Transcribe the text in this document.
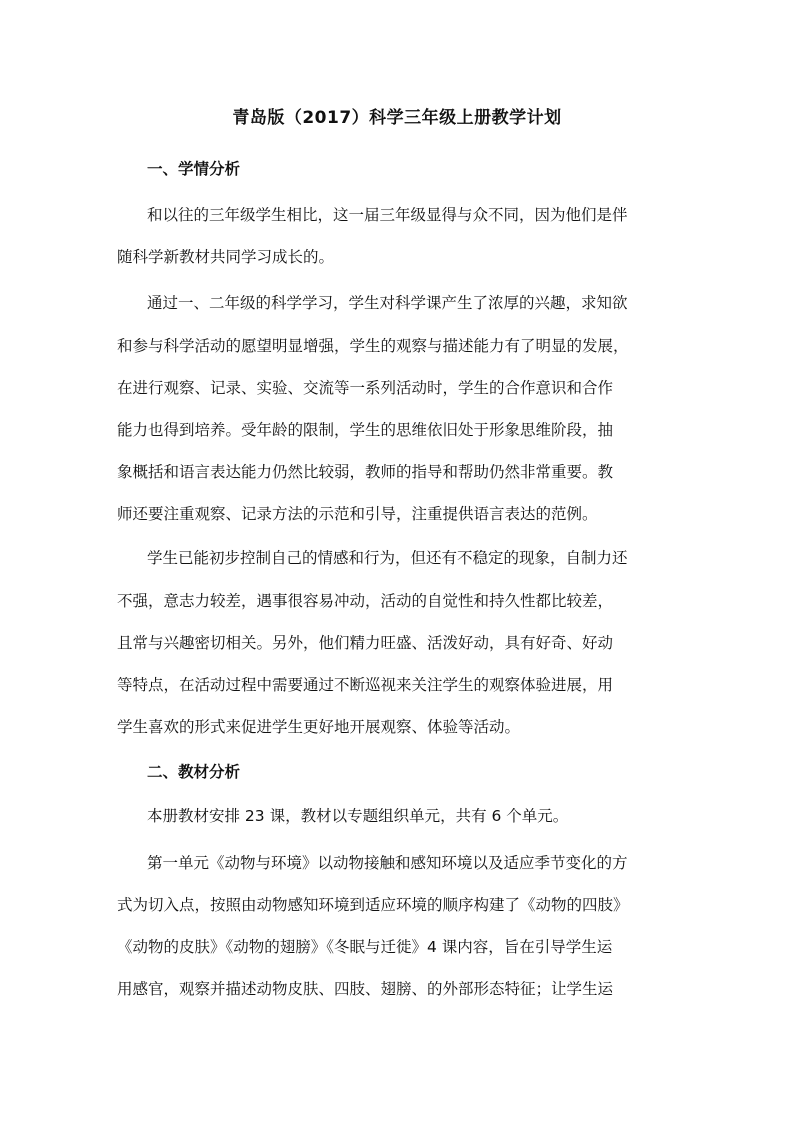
青岛版（2017）科学三年级上册教学计划
一、学情分析
和以往的三年级学生相比，这一届三年级显得与众不同，因为他们是伴
随科学新教材共同学习成长的。
通过一、二年级的科学学习，学生对科学课产生了浓厚的兴趣，求知欲
和参与科学活动的愿望明显增强，学生的观察与描述能力有了明显的发展，
在进行观察、记录、实验、交流等一系列活动时，学生的合作意识和合作
能力也得到培养。受年龄的限制，学生的思维依旧处于形象思维阶段，抽
象概括和语言表达能力仍然比较弱，教师的指导和帮助仍然非常重要。教
师还要注重观察、记录方法的示范和引导，注重提供语言表达的范例。
学生已能初步控制自己的情感和行为，但还有不稳定的现象，自制力还
不强，意志力较差，遇事很容易冲动，活动的自觉性和持久性都比较差，
且常与兴趣密切相关。另外，他们精力旺盛、活泼好动，具有好奇、好动
等特点，在活动过程中需要通过不断巡视来关注学生的观察体验进展，用
学生喜欢的形式来促进学生更好地开展观察、体验等活动。
二、教材分析
本册教材安排 23 课，教材以专题组织单元，共有 6 个单元。
第一单元《动物与环境》以动物接触和感知环境以及适应季节变化的方
式为切入点，按照由动物感知环境到适应环境的顺序构建了《动物的四肢》
《动物的皮肤》《动物的翅膀》《冬眠与迁徙》4 课内容，旨在引导学生运
用感官，观察并描述动物皮肤、四肢、翅膀、的外部形态特征；让学生运
